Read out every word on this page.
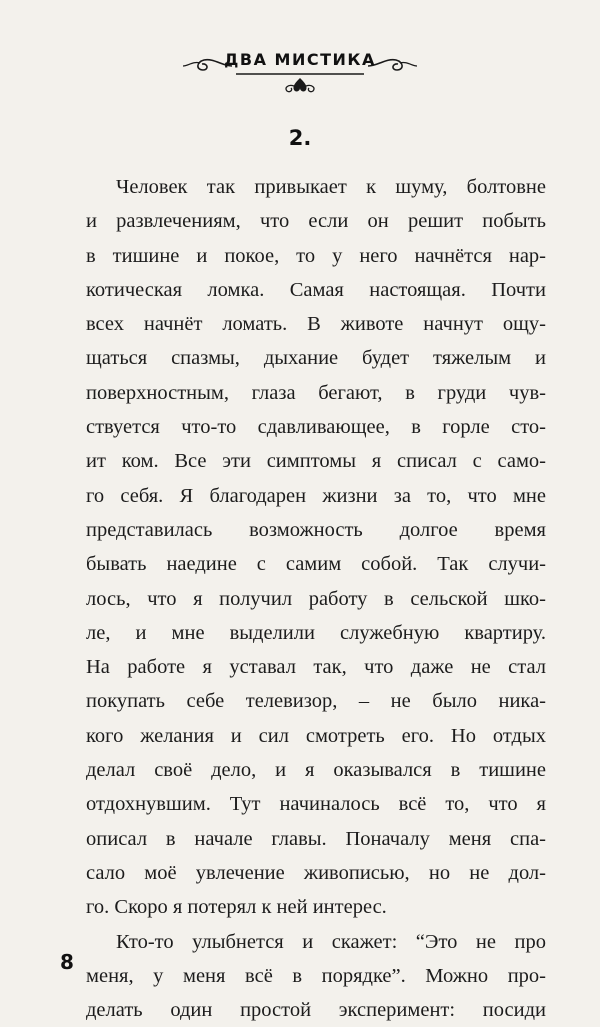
ДВА МИСТИКА
2.
Человек так привыкает к шуму, болтовне
и развлечениям, что если он решит побыть
в тишине и покое, то у него начнётся нар-
котическая ломка. Самая настоящая. Почти
всех начнёт ломать. В животе начнут ощу-
щаться спазмы, дыхание будет тяжелым и
поверхностным, глаза бегают, в груди чув-
ствуется что-то сдавливающее, в горле сто-
ит ком. Все эти симптомы я списал с само-
го себя. Я благодарен жизни за то, что мне
представилась возможность долгое время
бывать наедине с самим собой. Так случи-
лось, что я получил работу в сельской шко-
ле, и мне выделили служебную квартиру.
На работе я уставал так, что даже не стал
покупать себе телевизор, – не было ника-
кого желания и сил смотреть его. Но отдых
делал своё дело, и я оказывался в тишине
отдохнувшим. Тут начиналось всё то, что я
описал в начале главы. Поначалу меня спа-
сало моё увлечение живописью, но не дол-
го. Скоро я потерял к ней интерес.
Кто-то улыбнется и скажет: “Это не про
меня, у меня всё в порядке”. Можно про-
делать один простой эксперимент: посиди
8
